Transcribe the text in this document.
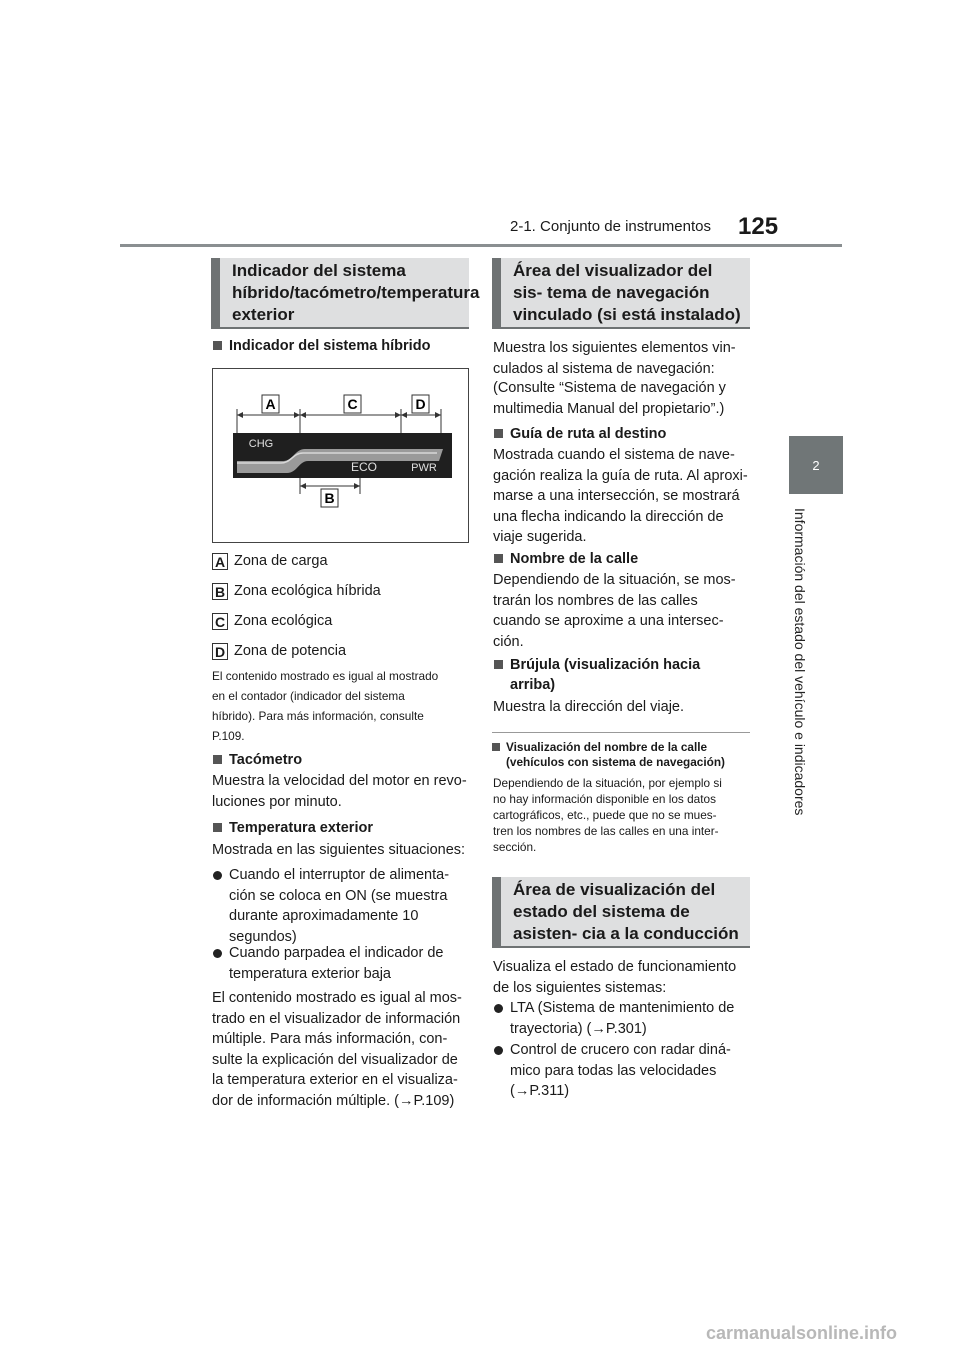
2-1. Conjunto de instrumentos 125
2
Información del estado del vehículo e indicadores
Indicador del sistema híbrido/tacómetro/temperatura exterior
Indicador del sistema híbrido
A	C	D
B
CHG
ECO	PWR
A Zona de carga
B Zona ecológica híbrida
C Zona ecológica
D Zona de potencia
El contenido mostrado es igual al mostrado
en el contador (indicador del sistema
híbrido). Para más información, consulte
P.109.
Tacómetro
Muestra la velocidad del motor en revo-
luciones por minuto.
Temperatura exterior
Mostrada en las siguientes situaciones:
Cuando el interruptor de alimenta-
ción se coloca en ON (se muestra
durante aproximadamente 10
segundos)
Cuando parpadea el indicador de
temperatura exterior baja
El contenido mostrado es igual al mos-
trado en el visualizador de información
múltiple. Para más información, con-
sulte la explicación del visualizador de
la temperatura exterior en el visualiza-
dor de información múltiple. (→P.109)
Área del visualizador del sis- tema de navegación vinculado (si está instalado)
Muestra los siguientes elementos vin-
culados al sistema de navegación:
(Consulte “Sistema de navegación y
multimedia Manual del propietario”.)
Guía de ruta al destino
Mostrada cuando el sistema de nave-
gación realiza la guía de ruta. Al aproxi-
marse a una intersección, se mostrará
una flecha indicando la dirección de
viaje sugerida.
Nombre de la calle
Dependiendo de la situación, se mos-
trarán los nombres de las calles
cuando se aproxime a una intersec-
ción.
Brújula (visualización hacia
arriba)
Muestra la dirección del viaje.
Visualización del nombre de la calle
(vehículos con sistema de navegación)
Dependiendo de la situación, por ejemplo si
no hay información disponible en los datos
cartográficos, etc., puede que no se mues-
tren los nombres de las calles en una inter-
sección.
Área de visualización del estado del sistema de asisten- cia a la conducción
Visualiza el estado de funcionamiento
de los siguientes sistemas:
LTA (Sistema de mantenimiento de
trayectoria) (→P.301)
Control de crucero con radar diná-
mico para todas las velocidades
(→P.311)
carmanualsonline.info
